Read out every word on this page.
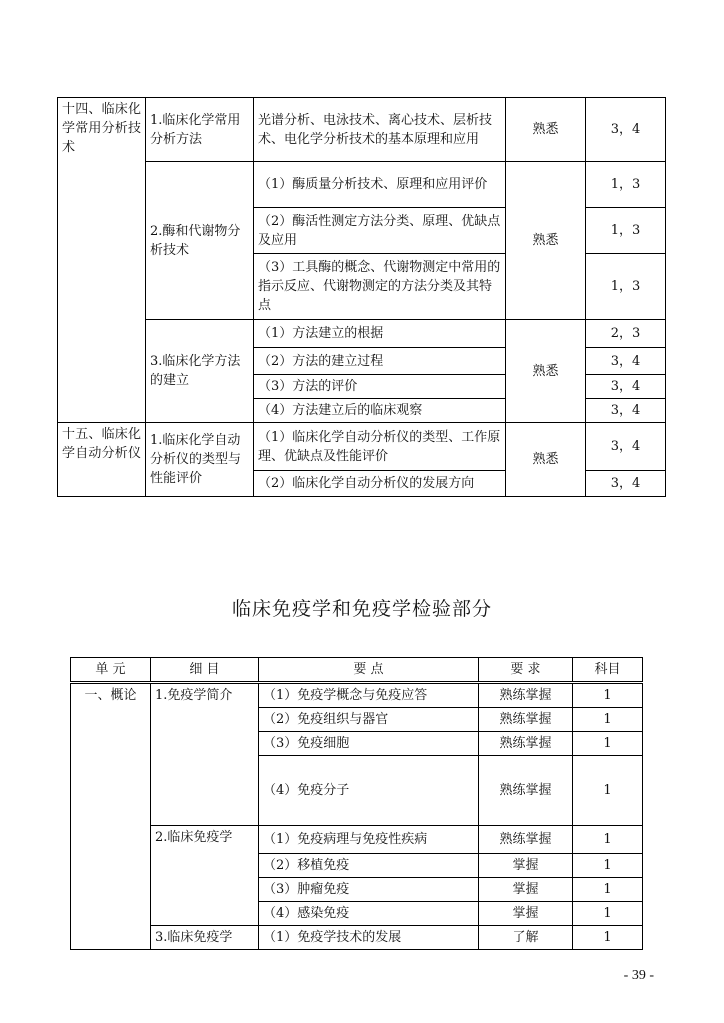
十四、临床化学常用分析技术	1.临床化学常用分析方法	光谱分析、电泳技术、离心技术、层析技术、电化学分析技术的基本原理和应用	熟悉	3，4
	2.酶和代谢物分析技术	（1）酶质量分析技术、原理和应用评价	熟悉	1，3
		（2）酶活性测定方法分类、原理、优缺点及应用		1，3
		（3）工具酶的概念、代谢物测定中常用的指示反应、代谢物测定的方法分类及其特点		1，3
	3.临床化学方法的建立	（1）方法建立的根据	熟悉	2，3
		（2）方法的建立过程		3，4
		（3）方法的评价		3，4
		（4）方法建立后的临床观察		3，4
十五、临床化学自动分析仪	1.临床化学自动分析仪的类型与性能评价	（1）临床化学自动分析仪的类型、工作原理、优缺点及性能评价	熟悉	3，4
		（2）临床化学自动分析仪的发展方向		3，4
临床免疫学和免疫学检验部分
单 元	细 目	要 点	要 求	科目
一、概论	1.免疫学简介	（1）免疫学概念与免疫应答	熟练掌握	1
		（2）免疫组织与器官	熟练掌握	1
		（3）免疫细胞	熟练掌握	1
		（4）免疫分子	熟练掌握	1
	2.临床免疫学	（1）免疫病理与免疫性疾病	熟练掌握	1
		（2）移植免疫	掌握	1
		（3）肿瘤免疫	掌握	1
		（4）感染免疫	掌握	1
	3.临床免疫学	（1）免疫学技术的发展	了解	1
- 39 -
